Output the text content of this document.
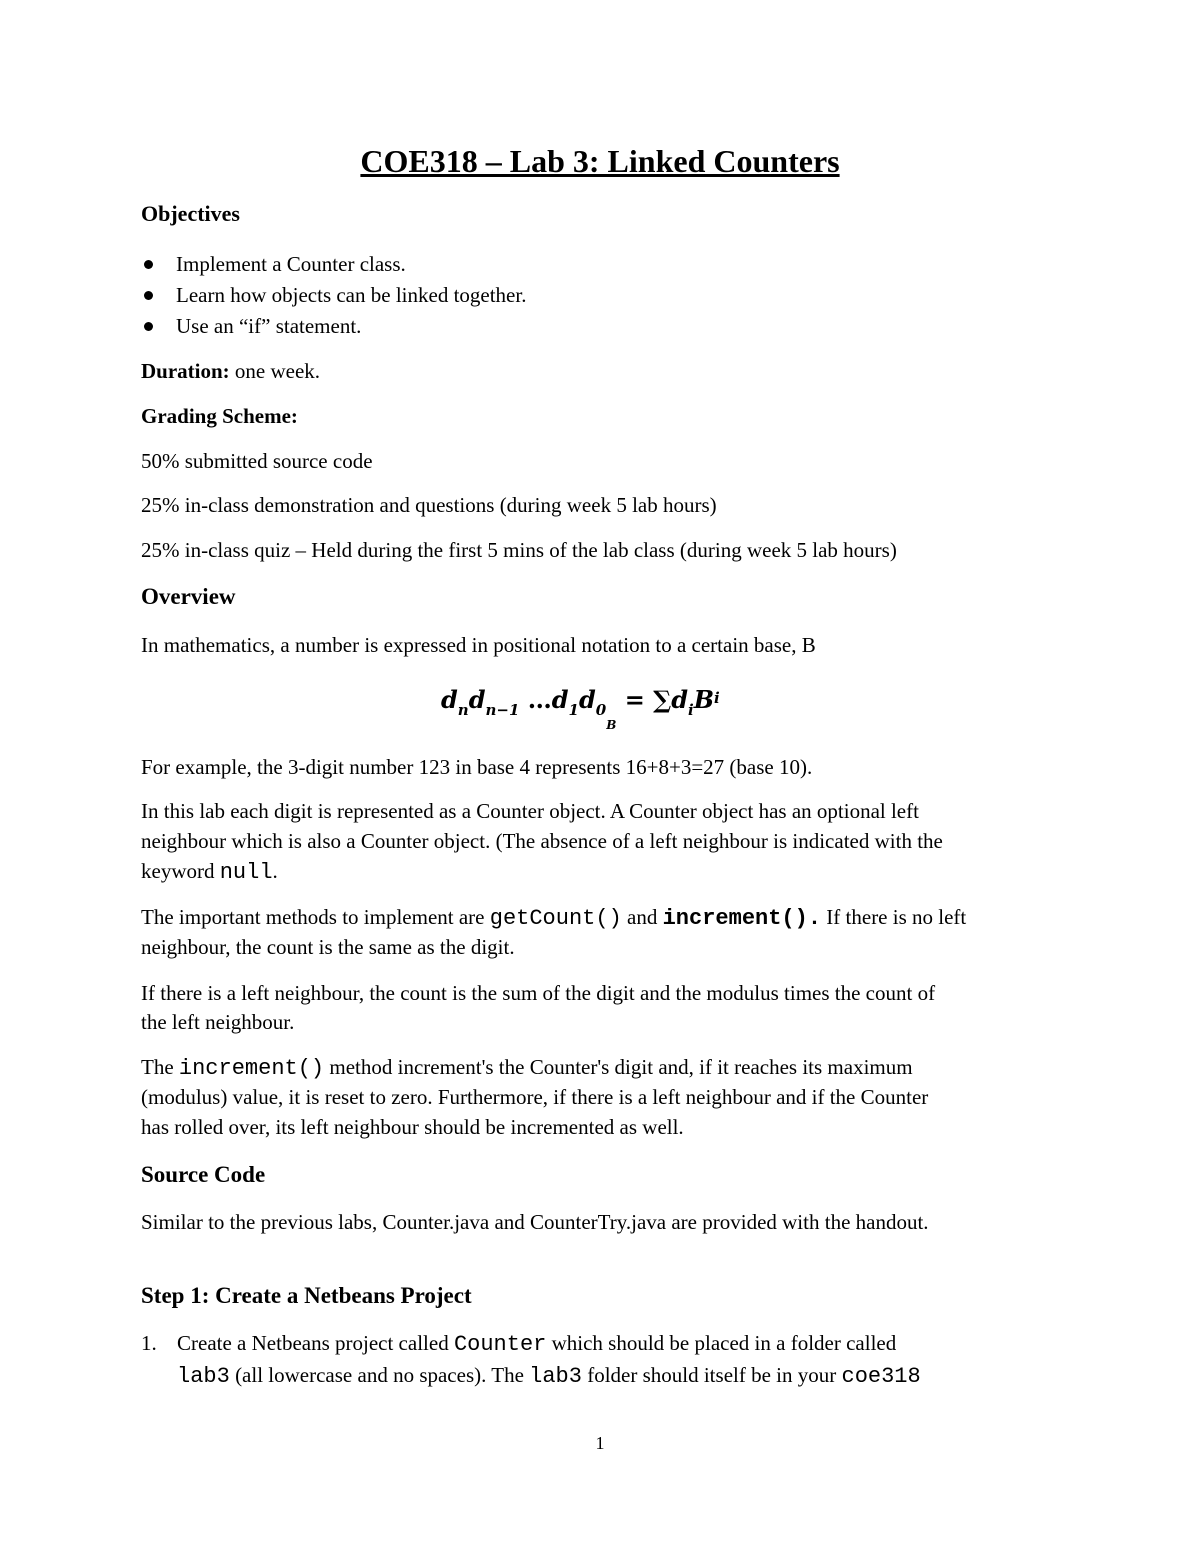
COE318 – Lab 3: Linked Counters
Objectives
Implement a Counter class.
Learn how objects can be linked together.
Use an “if” statement.

Duration: one week.

Grading Scheme:

50% submitted source code

25% in-class demonstration and questions (during week 5 lab hours)

25% in-class quiz – Held during the first 5 mins of the lab class (during week 5 lab hours)

Overview

In mathematics, a number is expressed in positional notation to a certain base, B

$d_nd_{n-1}$ $\dots d_1d_{0_B} = \sum d_iB^i$

For example, the 3-digit number 123 in base 4 represents 16+8+3=27 (base 10).

In this lab each digit is represented as a Counter object. A Counter object has an optional left

neighbour which is also a Counter object. (The absence of a left neighbour is indicated with the

keyword null.

The important methods to implement are getCount() and increment(). If there is no left

neighbour, the count is the same as the digit.

If there is a left neighbour, the count is the sum of the digit and the modulus times the count of

the left neighbour.

The increment() method increment's the Counter's digit and, if it reaches its maximum

(modulus) value, it is reset to zero. Furthermore, if there is a left neighbour and if the Counter

has rolled over, its left neighbour should be incremented as well.

Source Code

Similar to the previous labs, Counter.java and CounterTry.java are provided with the handout.

Step 1: Create a Netbeans Project
1. Create a Netbeans project called Counter which should be placed in a folder called
lab3 (all lowercase and no spaces). The lab3 folder should itself be in your coe318
1
